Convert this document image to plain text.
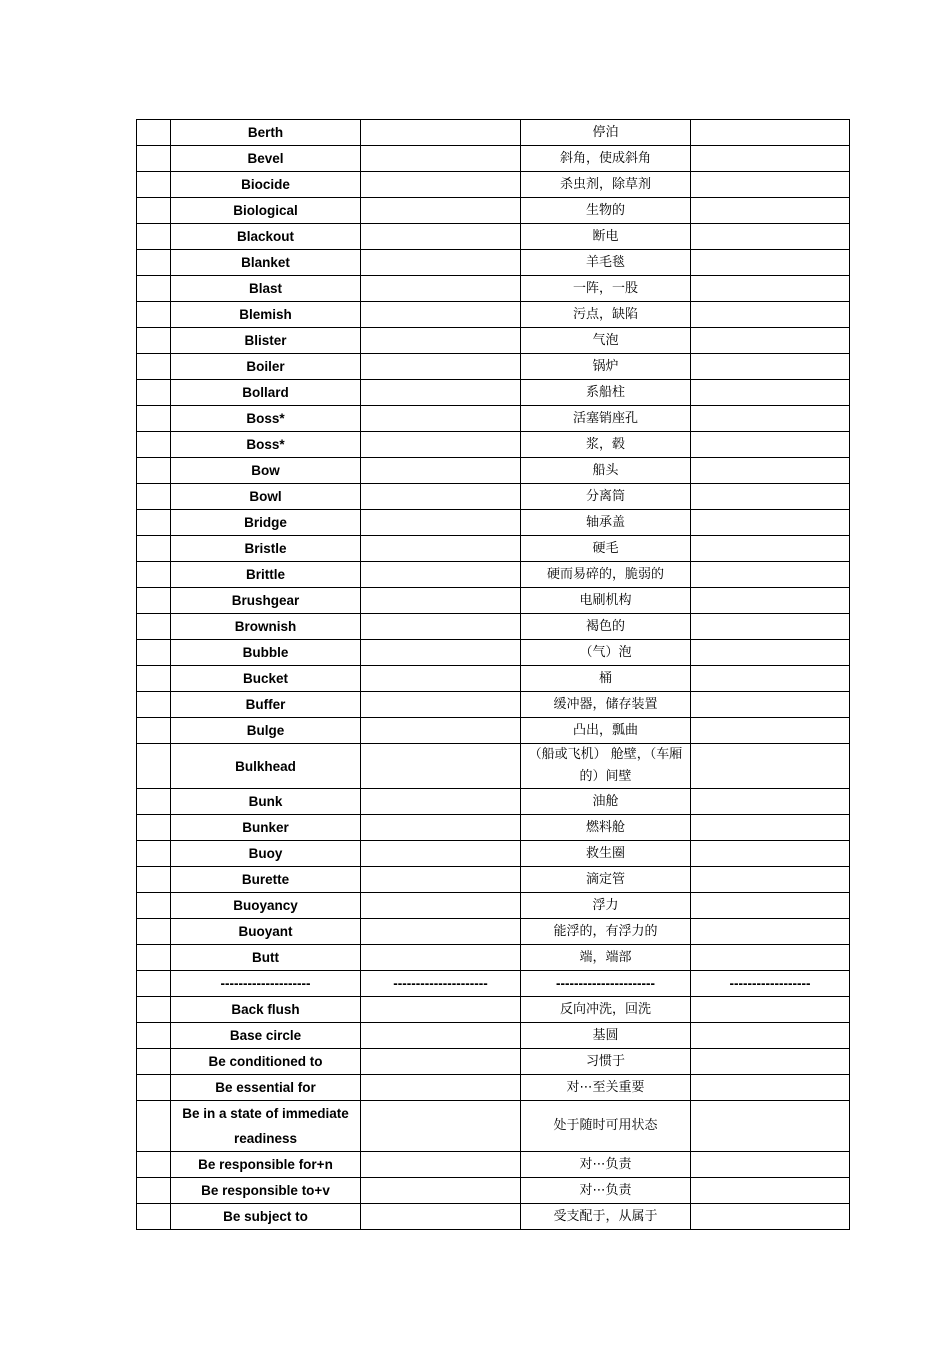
	Berth		停泊	
	Bevel		斜角，使成斜角	
	Biocide		杀虫剂，除草剂	
	Biological		生物的	
	Blackout		断电	
	Blanket		羊毛毯	
	Blast		一阵，一股	
	Blemish		污点，缺陷	
	Blister		气泡	
	Boiler		锅炉	
	Bollard		系船柱	
	Boss*		活塞销座孔	
	Boss*		浆，毂	
	Bow		船头	
	Bowl		分离筒	
	Bridge		轴承盖	
	Bristle		硬毛	
	Brittle		硬而易碎的，脆弱的	
	Brushgear		电刷机构	
	Brownish		褐色的	
	Bubble		（气）泡	
	Bucket		桶	
	Buffer		缓冲器，储存装置	
	Bulge		凸出，瓢曲	
	Bulkhead		（船或飞机） 舱壁，（车厢的）间壁	

	Bunk		油舱	
	Bunker		燃料舱	
	Buoy		救生圈	
	Burette		滴定管	
	Buoyancy		浮力	
	Buoyant		能浮的，有浮力的	
	Butt		端，端部	
	--------------------	---------------------	----------------------	------------------
	Back flush		反向冲洗，回洗	
	Base circle		基圆	
	Be conditioned to		习惯于	
	Be essential for		对⋯至关重要	
	Be in a state of immediate readiness		处于随时可用状态	

	Be responsible for+n		对⋯负责	
	Be responsible to+v		对⋯负责	
	Be subject to		受支配于，从属于	
